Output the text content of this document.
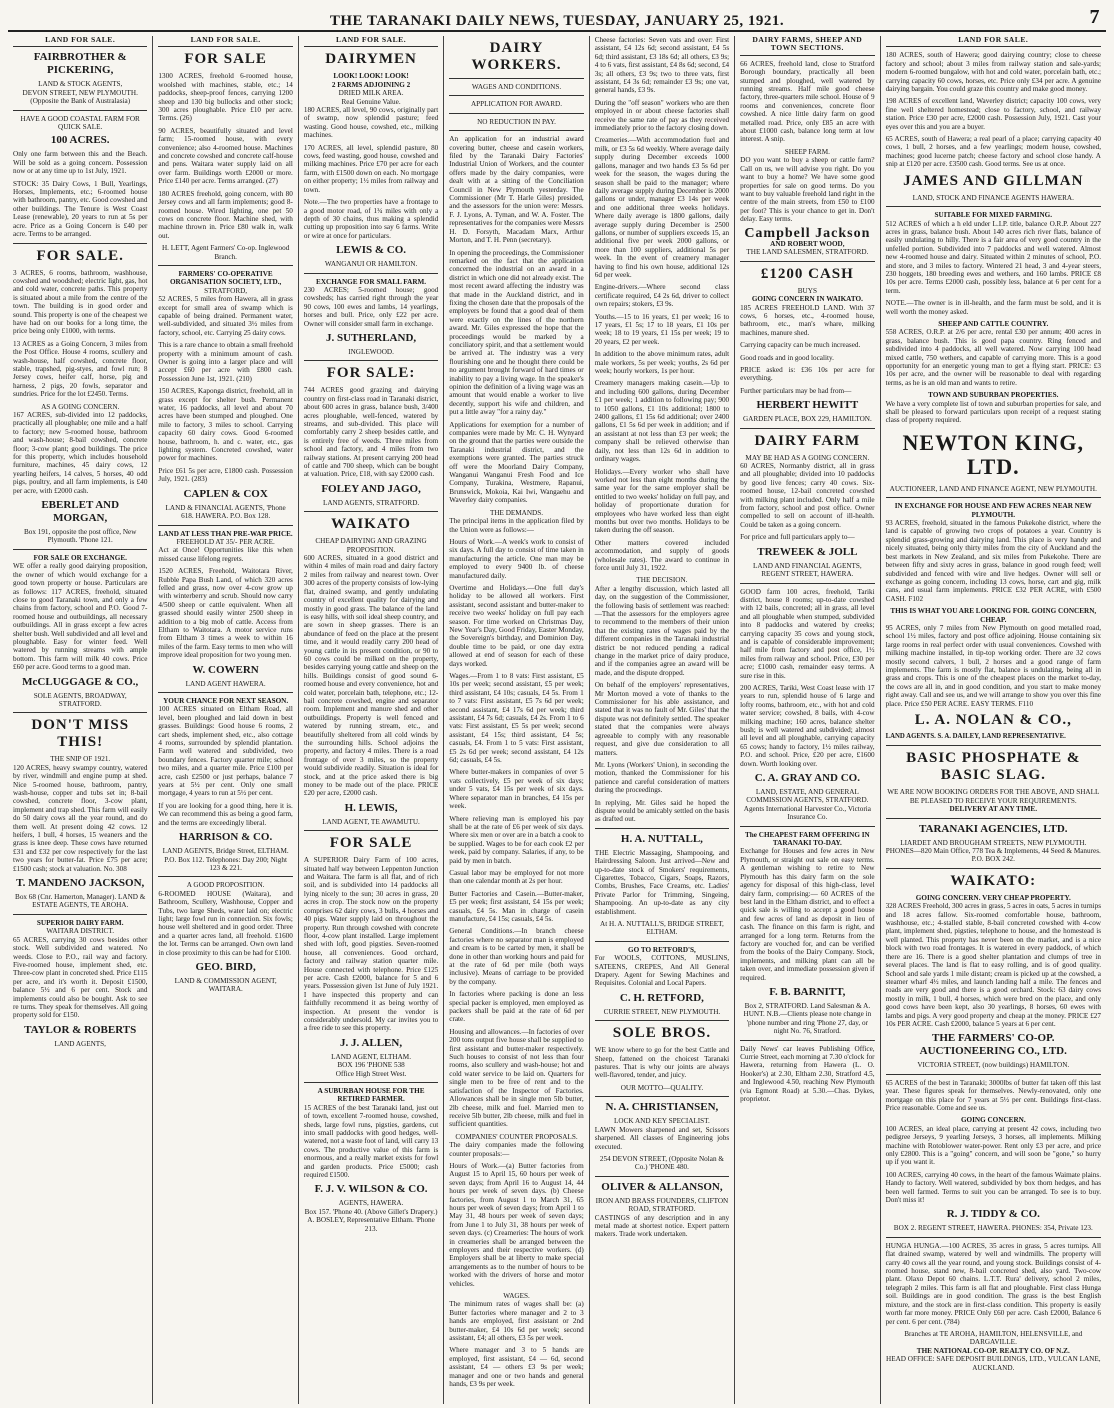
THE TARANAKI DAILY NEWS, TUESDAY, JANUARY 25, 1921.	7
LAND FOR SALE.
FAIRBROTHER & PICKERING,
LAND & STOCK AGENTS,
DEVON STREET, NEW PLYMOUTH.
(Opposite the Bank of Australasia)
HAVE A GOOD COASTAL FARM FOR
QUICK SALE.
100 ACRES.

Only one farm between this and the Beach. Will be sold as a going concern. Possession now or at any time up to 1st July, 1921.

STOCK: 35 Dairy Cows, 1 Bull, Yearlings, Horses, Implements, etc.; 6-roomed house with bathroom, pantry, etc. Good cowshed and other buildings. The Tenure is West Coast Lease (renewable), 20 years to run at 5s per acre. Price as a Going Concern is £40 per acre. Terms to be arranged.

FOR SALE.

3 ACRES, 6 rooms, bathroom, washhouse, cowshed and woodshed; electric light, gas, hot and cold water, concrete paths. This property is situated about a mile from the centre of the town. The building is in good order and sound. This property is one of the cheapest we have had on our books for a long time, the price being only £1000, with terms.

13 ACRES as a Going Concern, 3 miles from the Post Office. House 4 rooms, scullery and wash-house, half cowshed, concrete floor, stable, trapshed, pig-styes, and fowl run; 8 Jersey cows, heifer calf, horse, pig and harness, 2 pigs, 20 fowls, separator and sundries. Price for the lot £2450. Terms.

AS A GOING CONCERN.

167 ACRES, sub-divided into 12 paddocks, practically all ploughable; one mile and a half to factory; new 5-roomed house, bathroom and wash-house; 8-bail cowshed, concrete floor; 3-cow plant; good buildings. The price for this property, which includes household furniture, machines, 45 dairy cows, 12 yearling heifers, 14 calves, 5 horses, 40 odd pigs, poultry, and all farm implements, is £40 per acre, with £2000 cash.

EBERLET AND MORGAN,
Box 191, opposite the post office, New Plymouth. 'Phone 121.
FOR SALE OR EXCHANGE.

WE offer a really good dairying proposition, the owner of which would exchange for a good town property or house. Particulars are as follows: 117 ACRES, freehold, situated close to good Taranaki town, and only a few chains from factory, school and P.O. Good 7-roomed house and outbuildings, all necessary outbuildings. All in grass except a few acres shelter bush. Well subdivided and all level and ploughable. Easy for winter feed. Well watered by running streams with ample bottom. This farm will milk 40 cows. Price £60 per acre. Good terms to a good man.

McCLUGGAGE & CO.,
SOLE AGENTS, BROADWAY, STRATFORD.
DON'T MISS THIS!
THE SNIP OF 1921.

120 ACRES, heavy swampy country, watered by river, windmill and engine pump at shed. Nice 5-roomed house, bathroom, pantry, wash-house, copper and tubs set in; 8-bail cowshed, concrete floor, 3-cow plant, implement and trap shed. This farm will easily do 50 dairy cows all the year round, and do them well. At present doing 42 cows. 12 heifers, 1 bull, 4 horses, 15 weaners and the grass is knee deep. These cows have returned £31 and £32 per cow respectively for the last two years for butter-fat. Price £75 per acre; £1500 cash; stock at valuation. No. 308

T. MANDENO JACKSON,
Box 68 (Cnr. Hamerton, Manager). LAND & ESTATE AGENTS, TE AROHA.
SUPERIOR DAIRY FARM.
WAITARA DISTRICT.

65 ACRES, carrying 30 cows besides other stock. Well subdivided and watered. No weeds. Close to P.O., rail way and factory. Five-roomed house, implement shed, etc. Three-cow plant in concreted shed. Price £115 per acre, and it's worth it. Deposit £1500, balance 5½ and 6 per cent. Stock and implements could also be bought. Ask to see re turns. They speak for themselves. All going property sold for £150.

TAYLOR & ROBERTS
LAND AGENTS,
LAND FOR SALE.
FOR SALE

1300 ACRES, freehold 6-roomed house, woolshed with machines, stable, etc.; 14 paddocks, sheep-proof fences, carrying 1200 sheep and 130 big bullocks and other stock; 300 acres ploughable. Price £10 per acre. Terms. (26)

90 ACRES, beautifully situated and level farm; 15-roomed house, with every convenience; also 4-roomed house. Machines and concrete cowshed and concrete calf-house and pens. Waitara water supply laid on all over farm. Buildings worth £2000 or more. Price £140 per acre. Terms arranged. (27)

180 ACRES freehold, going concern, with 80 Jersey cows and all farm implements; good 8-roomed house. Wired lighting, one pet 50 cows on concrete floor. Machine shed, with machine thrown in. Price £80 walk in, walk out.

H. LETT, Agent Farmers' Co-op. Inglewood Branch.
FARMERS' CO-OPERATIVE ORGANISATION SOCIETY, LTD.,
STRATFORD,

52 ACRES, 5 miles from Hawera, all in grass except for small area of swamp which is capable of being drained. Permanent water, well-subdivided, and situated 3½ miles from factory, school, etc. Carrying 25 dairy cows.

This is a rare chance to obtain a small freehold property with a minimum amount of cash. Owner is going into a larger place and will accept £60 per acre with £800 cash. Possession June 1st, 1921. (210)

150 ACRES, Kaponga district, freehold, all in grass except for shelter bush. Permanent water, 16 paddocks, all level and about 70 acres have been stumped and ploughed. One mile to factory, 3 miles to school. Carrying capacity 60 dairy cows. Good 6-roomed house, bathroom, h. and c. water, etc., gas lighting system. Concreted cowshed, water power for machines.

Price £61 5s per acre, £1800 cash. Possession July, 1921. (283)

CAPLEN & COX
LAND & FINANCIAL AGENTS, 'Phone 618. HAWERA. P.O. Box 128.
LAND AT LESS THAN PRE-WAR PRICE.
FREEHOLD AT 35/- PER ACRE.

Act at Once! Opportunities like this when missed cause lifelong regrets.

1520 ACRES, Freehold, Waitotara River, Rubble Papa Bush Land, of which 320 acres felled and grass, now over 4-cow grow up with winterberry and scrub. Should now carry 4/500 sheep or cattle equivalent. When all grassed should easily winter 2500 sheep in addition to a big mob of cattle. Access from Eltham to Waitotara. A motor service runs from Eltham 3 times a week to within 16 miles of the farm. Easy terms to men who will improve ideal proposition for two young men.

W. COWERN
LAND AGENT HAWERA.
YOUR CHANCE FOR NEXT SEASON.

100 ACRES situated on Eltham Road, all level, been ploughed and laid down in best grasses. Buildings: Good house 6 rooms, 2 cart sheds, implement shed, etc., also cottage 4 rooms, surrounded by splendid plantation. Farm well watered and subdivided, two boundary fences. Factory quarter mile; school two miles, and a quarter mile. Price £100 per acre, cash £2500 or just perhaps, balance 7 years at 5½ per cent. Only one small mortgage, 4 years to run at 5½ per cent.

If you are looking for a good thing, here it is. We can recommend this as being a good farm, and the terms are exceedingly liberal.

HARRISON & CO.
LAND AGENTS, Bridge Street, ELTHAM. P.O. Box 112. Telephones: Day 200; Night 123 & 221.
A GOOD PROPOSITION.

6-ROOMED HOUSE (Waitara), and Bathroom, Scullery, Washhouse, Copper and Tubs, two large Sheds, water laid on; electric light; large fowl run in connection. Six fowls; house well sheltered and in good order. Three and a quarter acres land, all freehold. £1600 the lot. Terms can be arranged. Own own land in close proximity to this can be had for £100.

GEO. BIRD,
LAND & COMMISSION AGENT, WAITARA.
LAND FOR SALE.
DAIRYMEN
LOOK! LOOK! LOOK!
2 FARMS ADJOINING 2
DRIED MILK AREA.
Real Genuine Value.

180 ACRES, all level, 90 cows, originally part of swamp, now splendid pasture; feed wasting. Good house, cowshed, etc., milking machines.

170 ACRES, all level, splendid pasture, 80 cows, feed wasting, good house, cowshed and milking machines. Price £70 per acre for each farm, with £1500 down on each. No mortgage on either property; 1½ miles from railway and town.

Note.—The two properties have a frontage to a good motor road, of 1¾ miles with only a depth of 30 chains, thus making a splendid cutting up proposition into say 6 farms. Write or wire at once for particulars.

LEWIS & CO.
WANGANUI OR HAMILTON.
EXCHANGE FOR SMALL FARM.

230 ACRES; 5-roomed house; good cowsheds; has carried right through the year 90 cows, 100 ewes and lambs, 14 yearlings, horses and bull. Price, only £22 per acre. Owner will consider small farm in exchange.

J. SUTHERLAND,
INGLEWOOD.
FOR SALE:

744 ACRES good grazing and dairying country on first-class road in Taranaki district, about 600 acres in grass, balance bush, 3/400 acres ploughable, well-fenced, watered by streams, and sub-divided. This place will comfortably carry 2 sheep besides cattle, and is entirely free of weeds. Three miles from school and factory, and 4 miles from two railway stations. At present carrying 200 head of cattle and 700 sheep, which can be bought at valuation. Price, £18, with say £2000 cash.

FOLEY AND JAGO,
LAND AGENTS, STRATFORD.
WAIKATO
CHEAP DAIRYING AND GRAZING PROPOSITION.

600 ACRES, situated in a good district and within 4 miles of main road and dairy factory 2 miles from railway and nearest town. Over 300 acres of the property consists of low-lying flat, drained swamp, and gently undulating country of excellent quality for dairying and mostly in good grass. The balance of the land is easy hills, with soil ideal sheep country, and are sown in sheep grasses. There is an abundance of feed on the place at the present time, and it would readily carry 200 head of young cattle in its present condition, or 90 to 60 cows could be milked on the property, besides carrying young cattle and sheep on the hills. Buildings consist of good sound 6-roomed house and every convenience, hot and cold water, porcelain bath, telephone, etc.; 12-bail concrete cowshed, engine and separator room. Implement and manure shed and other outbuildings. Property is well fenced and watered by running stream, etc., and beautifully sheltered from all cold winds by the surrounding hills. School adjoins the property, and factory 4 miles. There is a road frontage of over 3 miles, so the property would subdivide readily. Situation is ideal for stock, and at the price asked there is big money to be made out of the place. PRICE £20 per acre, £2000 cash.

H. LEWIS,
LAND AGENT, TE AWAMUTU.
FOR SALE

A SUPERIOR Dairy Farm of 100 acres, situated half way between Leppenton Junction and Waitara. The farm is all flat, and of rich soil, and is subdivided into 14 paddocks all lying nicely to the sun; 30 acres in grass, 20 acres in crop. The stock now on the property comprises 62 dairy cows, 3 bulls, 4 horses and 40 pigs. Water supply laid on throughout the property. Run through cowshed with concrete floor, 4-cow plant installed. Large implement shed with loft, good pigsties. Seven-roomed house, all conveniences. Good orchard, factory and railway station quarter mile. House connected with telephone. Price £125 per acre. Cash £2000, balance for 5 and 6 years. Possession given 1st June of July 1921. I have inspected this property and can faithfully recommend it as being worthy of inspection. At present the vendor is considerably undersold. My car invites you to a free ride to see this property.

J. J. ALLEN,
LAND AGENT, ELTHAM.
BOX 196 'PHONE 538
Office High Street West.
A SUBURBAN HOUSE FOR THE RETIRED FARMER.

15 ACRES of the best Taranaki land, just out of town, excellent 7-roomed house, cowshed, sheds, large fowl runs, pigsties, gardens, cut into small paddocks with good hedges, well-watered, not a waste foot of land, will carry 13 cows. The productive value of this farm is enormous, and a really market exists for fowl and garden products. Price £5000; cash required £1500.

F. J. V. WILSON & CO.
AGENTS, HAWERA.
Box 157. 'Phone 40. (Above Gillet's Drapery.)
A. BOSLEY, Representative Eltham. 'Phone 213.
DAIRY WORKERS.
WAGES AND CONDITIONS.
APPLICATION FOR AWARD.
NO REDUCTION IN PAY.

An application for an industrial award covering butter, cheese and casein workers, filed by the Taranaki Dairy Factories' Industrial Union of Workers, and the counter offers made by the dairy companies, were dealt with at a sitting of the Conciliation Council in New Plymouth yesterday. The Commissioner (Mr T. Harle Giles) presided, and the assessors for the union were: Messrs. F. J. Lyons, A. Tyman, and W. A. Foster. The representatives for the companies were Messrs H. D. Forsyth, Macadam Marx, Arthur Morton, and T. H. Penn (secretary).

In opening the proceedings, the Commissioner remarked on the fact that the application concerned the industrial on an award in a district in which one did not already exist. The most recent award affecting the industry was that made in the Auckland district, and in fixing the chosen date that the proposals of the employers be found that a good deal of them were exactly on the lines of the northern award. Mr. Giles expressed the hope that the proceedings would be marked by a conciliatory spirit, and that a settlement would be arrived at. The industry was a very flourishing one and he thought there could be no argument brought forward of hard times or inability to pay a living wage. In the speaker's opinion the definition of a living wage was an amount that would enable a worker to live decently, support his wife and children, and put a little away "for a rainy day."

Applications for exemption for a number of companies were made by Mr. C. H. Wynyard on the ground that the parties were outside the Taranaki industrial district, and the exemptions were granted. The parties struck off were the Moorland Dairy Company, Wanganui Wanganui Fresh Food and Ice Company, Turakina, Westmere, Rapanui, Brunswick, Mokoia, Kai Iwi, Wangaehu and Waverley dairy companies.

THE DEMANDS.

The principal items in the application filed by the Union were as follows:—

Hours of Work.—A week's work to consist of six days. A full day to consist of time taken in manufacturing the article. One man may be employed to every 9400 lb. of cheese manufactured daily.

Overtime and Holidays.—One full day's holiday to be allowed all workers. First assistant, second assistant and butter-maker to receive two weeks' holiday on full pay each season. For time worked on Christmas Day, New Year's Day, Good Friday, Easter Monday, the Sovereign's birthday, and Dominion Day, double time to be paid, or one day extra allowed at end of season for each of these days worked.

Wages.—From 1 to 8 vats: First assistant, £5 10s per week; second assistant, £5 per week; third assistant, £4 10s; casuals, £4 5s. From 1 to 7 vats: First assistant, £5 7s 6d per week; second assistant, £4 17s 6d per week; third assistant, £4 7s 6d; casuals, £4 2s. From 1 to 6 vats: First assistant, £5 5s per week; second assistant, £4 15s; third assistant, £4 5s; casuals, £4. From 1 to 5 vats: First assistant, £5 2s 6d per week; second assistant, £4 12s 6d; casuals, £4 5s.

Where butter-makers in companies of over 5 vats collectively, £5 per week of six days; under 5 vats, £4 15s per week of six days. Where separator man in branches, £4 15s per week.

Where relieving man is employed his pay shall be at the rate of £6 per week of six days. Where six men or over are in a batch a cook to be supplied. Wages to be for each cook £2 per week, paid by company. Salaries, if any, to be paid by men in batch.

Casual labor may be employed for not more than one calendar month at 2s per hour.

Butter Factories and Casein.—Butter-maker, £5 per week; first assistant, £4 15s per week; casuals, £4 5s. Man in charge of casein manufacture, £4 15s; casuals, £4 5s.

General Conditions.—In branch cheese factories where no separator man is employed and cream is to be carted by men, it shall be done in other than working hours and paid for at the rate of 6d per mile (both ways inclusive). Means of carriage to be provided by the company.

In factories where packing is done an less special packer is employed, men employed as packers shall be paid at the rate of 6d per crate.

Housing and allowances.—In factories of over 200 tons output five house shall be supplied to first assistant and butter-maker respectively. Such houses to consist of not less than four rooms, also scullery and wash-house; hot and cold water service to be laid on. Quarters for single men to be free of rent and to the satisfaction of the Inspector of Factories. Allowances shall be in single men 5lb butter, 2lb cheese, milk and fuel. Married men to receive 5lb butter, 2lb cheese, milk and fuel in sufficient quantities.

COMPANIES' COUNTER PROPOSALS.

The dairy companies made the following counter proposals:—

Hours of Work.—(a) Butter factories from August 15 to April 15, 60 hours per week of seven days; from April 16 to August 14, 44 hours per week of seven days. (b) Cheese factories, from August 1 to March 31, 65 hours per week of seven days; from April 1 to May 31, 48 hours per week of seven days; from June 1 to July 31, 38 hours per week of seven days. (c) Creameries: The hours of work in creameries shall be arranged between the employers and their respective workers. (d) Employers shall be at liberty to make special arrangements as to the number of hours to be worked with the drivers of horse and motor vehicles.

WAGES.

The minimum rates of wages shall be: (a) Butter factories where manager and 2 to 3 hands are employed, first assistant or 2nd butter-maker, £4 10s 6d per week; second assistant, £4; all others, £3 5s per week.

Where manager and 3 to 5 hands are employed, first assistant, £4 — 6d, second assistant, £4 — others £3 9s per week; manager and one or two hands and general hands, £3 9s per week.

Cheese factories: Seven vats and over: First assistant, £4 12s 6d; second assistant, £4 5s 6d; third assistant, £3 18s 6d; all others, £3 9s; 4 to 6 vats, first assistant, £4 8s 6d; second, £4 3s; all others, £3 9s; two to three vats, first assistant, £4 3s 6d; remainder £3 9s; one vat, general hands, £3 9s.

During the "off season" workers who are then employed in or about cheese factories shall receive the same rate of pay as they received immediately prior to the factory closing down.

Creameries.—With accommodation fuel and milk, or £3 5s 6d weekly. Where average daily supply during December exceeds 1000 gallons, manager and two hands £3 5s 6d per week for the season, the wages during the season shall be paid to the manager; where daily average supply during December is 2000 gallons or under, manager £3 14s per week and one additional three weeks holidays. Where daily average is 1800 gallons, daily average supply during December is 2500 gallons, or number of suppliers exceeds 15, an additional five per week 2000 gallons, or more than 100 suppliers, additional 5s per week. In the event of creamery manager having to find his own house, additional 12s 6d per week.

Engine-drivers.—Where second class certificate required, £4 2s 6d, driver to collect own repairs; stokers, £3 9s.

Youths.—15 to 16 years, £1 per week; 16 to 17 years, £1 5s; 17 to 18 years, £1 10s per week; 18 to 19 years, £1 15s per week; 19 to 20 years, £2 per week.

In addition to the above minimum rates, adult male workers, 5s per week; youths, 2s 6d per week; hourly workers, 1s per hour.

Creamery managers making casein.—Up to and including 600 gallons, during December £1 per week; 1 addition to following pay; 900 to 1050 gallons, £1 10s additional; 1800 to 2400 gallons, £1 15s 6d additional; over 2400 gallons, £1 5s 6d per week in addition; and if an assistant at not less than £3 per week; the company shall be relieved otherwise than daily, not less than 12s 6d in addition to ordinary wages.

Holidays.—Every worker who shall have worked not less than eight months during the same year for the same employer shall be entitled to two weeks' holiday on full pay, and holiday of proportionate duration for employees who have worked less than eight months but over two months. Holidays to be taken during the off season.

Other matters covered included accommodation, and supply of goods (wholesale rates). The award to continue in force until July 31, 1922.

THE DECISION.

After a lengthy discussion, which lasted all day, on the suggestion of the Commissioner, the following basis of settlement was reached:—That the assessors for the employers agree to recommend to the members of their union that the existing rates of wages paid by the different companies in the Taranaki industrial district be not reduced pending a radical change in the market price of dairy produce, and if the companies agree an award will be made, and the dispute dropped.

On behalf of the employers' representatives, Mr Morton moved a vote of thanks to the Commissioner for his able assistance, and stated that it was no fault of Mr. Giles' that the dispute was not definitely settled. The speaker stated that the companies were always agreeable to comply with any reasonable request, and give due consideration to all matters.

Mr. Lyons (Workers' Union), in seconding the motion, thanked the Commissioner for his patience and careful consideration of matters during the proceedings.

In replying, Mr. Giles said he hoped the dispute would be amicably settled on the basis as drafted out.

H. A. NUTTALL,

THE Electric Massaging, Shampooing, and Hairdressing Saloon. Just arrived—New and up-to-date stock of Smokers' requirements, Cigarettes, Tobacco, Cigars, Soaps, Razors, Combs, Brushes, Face Creams, etc. Ladies' Private Parlor for Trimming, Singeing, Shampooing. An up-to-date as any city establishment.

At H. A. NUTTALL'S, BRIDGE STREET, ELTHAM.
GO TO RETFORD'S,

For WOOLS, COTTONS, MUSLINS, SATEENS, CREPES, And All General Drapery. Agent for Sewing Machines and Requisites. Colonial and Local Papers.

C. H. RETFORD,
CURRIE STREET, NEW PLYMOUTH.
SOLE BROS.

WE know where to go for the best Cattle and Sheep, fattened on the choicest Taranaki pastures. That is why our joints are always well-flavored, tender, and juicy.

OUR MOTTO—QUALITY.
N. A. CHRISTIANSEN,
LOCK AND KEY SPECIALIST.

LAWN Mowers sharpened and set, Scissors sharpened. All classes of Engineering jobs executed.

254 DEVON STREET, (Opposite Nolan & Co.) 'PHONE 480.
OLIVER & ALLANSON,
IRON AND BRASS FOUNDERS, CLIFTON ROAD, STRATFORD.

CASTINGS of any description and in any metal made at shortest notice. Expert pattern makers. Trade work undertaken.

DAIRY FARMS, SHEEP AND TOWN SECTIONS.

66 ACRES, freehold land, close to Stratford Borough boundary, practically all been stumped and ploughed, well watered by running streams. Half mile good cheese factory, three-quarters mile school. House of 9 rooms and conveniences, concrete floor cowshed. A nice little dairy farm on good metalled road. Price, only £85 an acre with about £1000 cash, balance long term at low interest. A snip.

SHEEP FARM.

DO you want to buy a sheep or cattle farm? Call on us, we will advise you right. Do you want to buy a home? We have some good properties for sale on good terms. Do you want to buy valuable freehold land right in the centre of the main streets, from £50 to £100 per foot? This is your chance to get in. Don't delay. Easy terms.

Campbell Jackson
AND ROBERT WOOD,
THE LAND SALESMEN, STRATFORD.
£1200 CASH
BUYS
GOING CONCERN IN WAIKATO.

185 ACRES FREEHOLD LAND. With 37 cows, 6 horses, etc., 4-roomed house, bathroom, etc., man's whare, milking machines, manure shed.

Carrying capacity can be much increased.

Good roads and in good locality.

PRICE asked is: £36 10s per acre for everything.

Further particulars may be had from—

HERBERT HEWITT
GARDEN PLACE, BOX 229, HAMILTON.
DAIRY FARM
MAY BE HAD AS A GOING CONCERN.

60 ACRES, Normanby district, all in grass and all ploughable; divided into 10 paddocks by good live fences; carry 40 cows. Six-roomed house, 12-bail concreted cowshed with milking plant included. Only half a mile from factory, school and post office. Owner compelled to sell on account of ill-health. Could be taken as a going concern.

For price and full particulars apply to—

TREWEEK & JOLL
LAND AND FINANCIAL AGENTS, REGENT STREET, HAWERA.

GOOD farm 100 acres, freehold, Tariki district, house 8 rooms; up-to-date cowshed with 12 bails, concreted; all in grass, all level and all ploughable when stumped, subdivided into 8 paddocks and watered by creeks; carrying capacity 35 cows and young stock, and is capable of considerable improvement; half mile from factory and post office, 1½ miles from railway and school. Price, £30 per acre; £1000 cash, remainder easy terms. A sure rise in this.

200 ACRES, Tariki, West Coast lease with 17 years to run, splendid house of 6 large and lofty rooms, bathroom, etc., with hot and cold water service; cowshed, 8 bails, with 4-cow milking machine; 160 acres, balance shelter bush; is well watered and subdivided; almost all level and all ploughable, carrying capacity 65 cows; handy to factory, 1½ miles railway, P.O. and school. Price, £20 per acre, £1600 down. Worth looking over.

C. A. GRAY AND CO.
LAND, ESTATE, AND GENERAL COMMISSION AGENTS, STRATFORD. Agents International Harvester Co., Victoria Insurance Co.
The CHEAPEST FARM OFFERING IN TARANAKI TO-DAY.

Exchange for Houses and few acres in New Plymouth, or straight out sale on easy terms. A gentleman wishing to retire to New Plymouth has this dairy farm on the sole agency for disposal of this high-class, level dairy farm, comprising:— 60 ACRES of the best land in the Eltham district, and to effect a quick sale is willing to accept a good house and few acres of land as deposit in lieu of cash. The finance on this farm is right, and arranged for a long term. Returns from the factory are vouched for, and can be verified from the books of the Dairy Company. Stock, implements, and milking plant can all be taken over, and immediate possession given if required.

F. B. BARNITT,
Box 2, STRATFORD. Land Salesman & A. HUNT. N.B.—Clients please note change in 'phone number and ring 'Phone 27, day, or night No. 76, Stratford.

Daily News' car leaves Publishing Office, Currie Street, each morning at 7.30 o'clock for Hawera, returning from Hawera (L. O. Hooker's) at 2.30, Eltham 2.30, Stratford 4.5, and Inglewood 4.50, reaching New Plymouth (via Egmont Road) at 5.30.—Chas. Dykes, proprietor.

LAND FOR SALE.

180 ACRES, south of Hawera; good dairying country; close to cheese factory and school; about 3 miles from railway station and sale-yards; modern 6-roomed bungalow, with hot and cold water, porcelain bath, etc.; carrying capacity 60 cows, horses, etc. Price only £34 per acre. A genuine dairying bargain. You could graze this country and make good money.

198 ACRES of excellent land, Waverley district; capacity 100 cows, very fine well sheltered homestead; close to factory, school, and railway station. Price £30 per acre, £2000 cash. Possession July, 1921. Cast your eyes over this and you are a buyer.

65 ACRES, south of Hawera; a real pearl of a place; carrying capacity 40 cows, 1 bull, 2 horses, and a few yearlings; modern house, cowshed, machines; good lucerne patch; cheese factory and school close handy. A snip at £120 per acre. £3500 cash. Good terms. See us at once.

JAMES AND GILLMAN
LAND, STOCK AND FINANCE AGENTS HAWERA.
SUITABLE FOR MIXED FARMING.

512 ACRES of which a h eld under L.I.P. title, balance O.R.P. About 227 acres in grass, balance bush. About 140 acres rich river flats, balance of easily undulating to hilly. There is a fair area of very good country in the unfelled portion. Subdivided into 7 paddocks and well watered. Almost new 4-roomed house and dairy. Situated within 2 minutes of school, P.O. and store, and 3 miles to factory. Wintered 21 head, 3 and 4-year steers, 230 hoggets, 180 breeding ewes and wethers, and 160 lambs. PRICE £8 10s per acre. Terms £2000 cash, possibly less, balance at 6 per cent for a term.

NOTE.—The owner is in ill-health, and the farm must be sold, and it is well worth the money asked.

SHEEP AND CATTLE COUNTRY.

558 ACRES, O.R.P. at 2/6 per acre, rental £30 per annum; 400 acres in grass, balance bush. This is good papa country. Ring fenced and subdivided into 4 paddocks, all well watered. Now carrying 100 head mixed cattle, 750 wethers, and capable of carrying more. This is a good opportunity for an energetic young man to get a flying start. PRICE: £3 10s per acre, and the owner will be reasonable to deal with regarding terms, as he is an old man and wants to retire.

TOWN AND SUBURBAN PROPERTIES.

We have a very complete list of town and suburban properties for sale, and shall be pleased to forward particulars upon receipt of a request stating class of property required.

NEWTON KING, LTD.
AUCTIONEER, LAND AND FINANCE AGENT, NEW PLYMOUTH.
IN EXCHANGE FOR HOUSE AND FEW ACRES NEAR NEW PLYMOUTH.

93 ACRES, freehold, situated in the famous Pukekohe district, where the land is capable of growing two crops of potatoes a year. Country is splendid grass-growing and dairying land. This place is very handy and nicely situated, being only thirty miles from the city of Auckland and the best markets in New Zealand, and six miles from Pukekohe. There are between fifty and sixty acres in grass, balance in good rough feed; well subdivided and fenced with wire and live hedges. Owner will sell or exchange as going concern, including 13 cows, horse, cart and gig, milk cans, and usual farm implements. PRICE £32 PER ACRE, with £500 CASH. F102

THIS IS WHAT YOU ARE LOOKING FOR. GOING CONCERN, CHEAP.

95 ACRES, only 7 miles from New Plymouth on good metalled road, school 1½ miles, factory and post office adjoining. House containing six large rooms in real perfect order with usual conveniences. Cowshed with milking machine installed, in tip-top working order. There are 32 cows mostly second calvers, 1 bull, 2 horses and a good range of farm implements. The farm is mostly flat, balance is undulating, being all in grass and crops. This is one of the cheapest places on the market to-day, the cows are all in, and in good condition, and you start to make money right away. Call and see us, and we will arrange to show you over this fine place. Price £50 PER ACRE. EASY TERMS. F110

L. A. NOLAN & CO.,
LAND AGENTS. S. A. DAILEY, LAND REPRESENTATIVE.
BASIC PHOSPHATE & BASIC SLAG.
WE ARE NOW BOOKING ORDERS FOR THE ABOVE, AND SHALL BE PLEASED TO RECEIVE YOUR REQUIREMENTS.
DELIVERY AT ANY TIME.
TARANAKI AGENCIES, LTD.
LIARDET AND BROUGHAM STREETS, NEW PLYMOUTH.
PHONES—820 Main Office, 778 Tea & Implements, 44 Seed & Manures. P.O. BOX 242.
WAIKATO:
GOING CONCERN. VERY CHEAP PROPERTY.

328 ACRES Freehold, 300 acres in grass, 5 acres in oats, 5 acres in turnips and 18 acres fallow. Six-roomed comfortable house, bathroom, washhouse, etc.; 4-stalled stable, 8-bail concreted cowshed with 4-cow plant, implement shed, pigsties, telephone to house, and the homestead is well planted. This property has never been on the market, and is a nice block with two road frontages. It is watered in every paddock, of which there are 16. There is a good shelter plantation and clumps of tree in several places. The land is flat to easy rolling, and is of good quality. School and sale yards 1 mile distant; cream is picked up at the cowshed, a steamer wharf 4½ miles, and launch landing half a mile. The fences and roads are very good and there is a good orchard. Stock: 63 dairy cows mostly in milk, 1 bull, 4 horses, which were bred on the place, and only good cows have been kept, also 30 yearlings, 8 horses, 60 ewes with lambs and pigs. A very good property and cheap at the money. PRICE £27 10s PER ACRE. Cash £2000, balance 5 years at 6 per cent.

THE FARMERS' CO-OP. AUCTIONEERING CO., LTD.
VICTORIA STREET, (now buildings) HAMILTON.

65 ACRES of the best in Taranaki; 3000lbs of butter fat taken off this last year. These figures speak for themselves. Newly-renovated, only one mortgage on this place for 7 years at 5½ per cent. Buildings first-class. Price reasonable. Come and see us.

GOING CONCERN.

100 ACRES, an ideal place, carrying at present 42 cows, including two pedigree Jerseys, 9 yearling Jerseys, 3 horses, all implements. Milking machine with Rotoblower water-power. Rent only £3 per acre, and price only £2800. This is a "going" concern, and will soon be "gone," so hurry up if you want it.

100 ACRES, carrying 40 cows, in the heart of the famous Waimate plains. Handy to factory. Well watered, subdivided by box thorn hedges, and has been well farmed. Terms to suit you can be arranged. To see is to buy. Don't miss it!

R. J. TIDDY & CO.
BOX 2. REGENT STREET, HAWERA. PHONES: 354, Private 123.

HUNGA HUNGA.—100 ACRES, 35 acres in grass, 5 acres turnips. All flat drained swamp, watered by well and windmills. The property will carry 40 cows all the year round, and young stock. Buildings consist of 4-roomed house, stand new, 8-bail concreted shed, also yard. Two-cow plant. Olaxo Depot 60 chains. L.T.T. Rura' delivery, school 2 miles, telegraph 2 miles. This farm is all flat and ploughable. First class Hunga soil. Buildings are in good condition. The grass is the best English mixture, and the stock are in first-class condition. This property is easily worth far more money. PRICE Only £60 per acre. Cash £2000, Balance 6 per cent. 6 per cent. (784)

Branches at TE AROHA, HAMILTON, HELENSVILLE, and DARGAVILLE.
THE NATIONAL CO-OP. REALTY CO. OF N.Z.
HEAD OFFICE: SAFE DEPOSIT BUILDINGS, LTD., VULCAN LANE, AUCKLAND.
